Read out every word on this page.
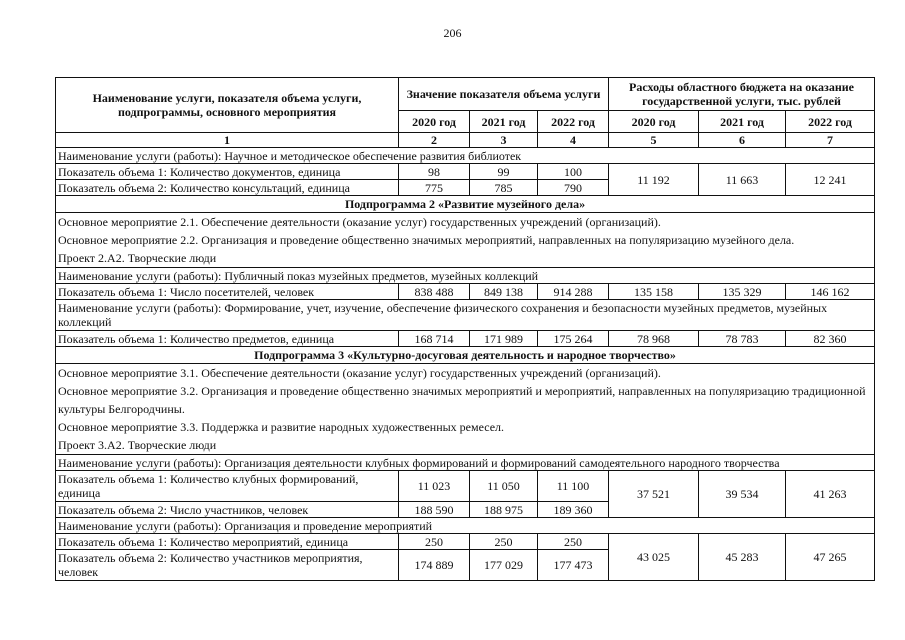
206
Наименование услуги, показателя объема услуги, подпрограммы, основного мероприятия	Значение показателя объема услуги			Расходы областного бюджета на оказание государственной услуги, тыс. рублей		
	2020 год	2021 год	2022 год	2020 год	2021 год	2022 год
1	2	3	4	5	6	7
Наименование услуги (работы): Научное и методическое обеспечение развития библиотек						
Показатель объема 1: Количество документов, единица	98	99	100	11 192	11 663	12 241
Показатель объема 2: Количество консультаций, единица	775	785	790			
Подпрограмма 2 «Развитие музейного дела»						

Основное мероприятие 2.1. Обеспечение деятельности (оказание услуг) государственных учреждений (организаций).
Основное мероприятие 2.2. Организация и проведение общественно значимых мероприятий, направленных на популяризацию музейного дела.
Проект 2.А2. Творческие люди						

Наименование услуги (работы): Публичный показ музейных предметов, музейных коллекций						
Показатель объема 1: Число посетителей, человек	838 488	849 138	914 288	135 158	135 329	146 162
Наименование услуги (работы): Формирование, учет, изучение, обеспечение физического сохранения и безопасности музейных предметов, музейных коллекций						
Показатель объема 1: Количество предметов, единица	168 714	171 989	175 264	78 968	78 783	82 360
Подпрограмма 3 «Культурно-досуговая деятельность и народное творчество»						

Основное мероприятие 3.1. Обеспечение деятельности (оказание услуг) государственных учреждений (организаций).
Основное мероприятие 3.2. Организация и проведение общественно значимых мероприятий и мероприятий, направленных на популяризацию традиционной культуры Белгородчины.
Основное мероприятие 3.3. Поддержка и развитие народных художественных ремесел.
Проект 3.А2. Творческие люди						

Наименование услуги (работы): Организация деятельности клубных формирований и формирований самодеятельного народного творчества						
Показатель объема 1: Количество клубных формирований, единица	11 023	11 050	11 100	37 521	39 534	41 263
Показатель объема 2: Число участников, человек	188 590	188 975	189 360			
Наименование услуги (работы): Организация и проведение мероприятий						
Показатель объема 1: Количество мероприятий, единица	250	250	250	43 025	45 283	47 265
Показатель объема 2: Количество участников мероприятия, человек	174 889	177 029	177 473			
